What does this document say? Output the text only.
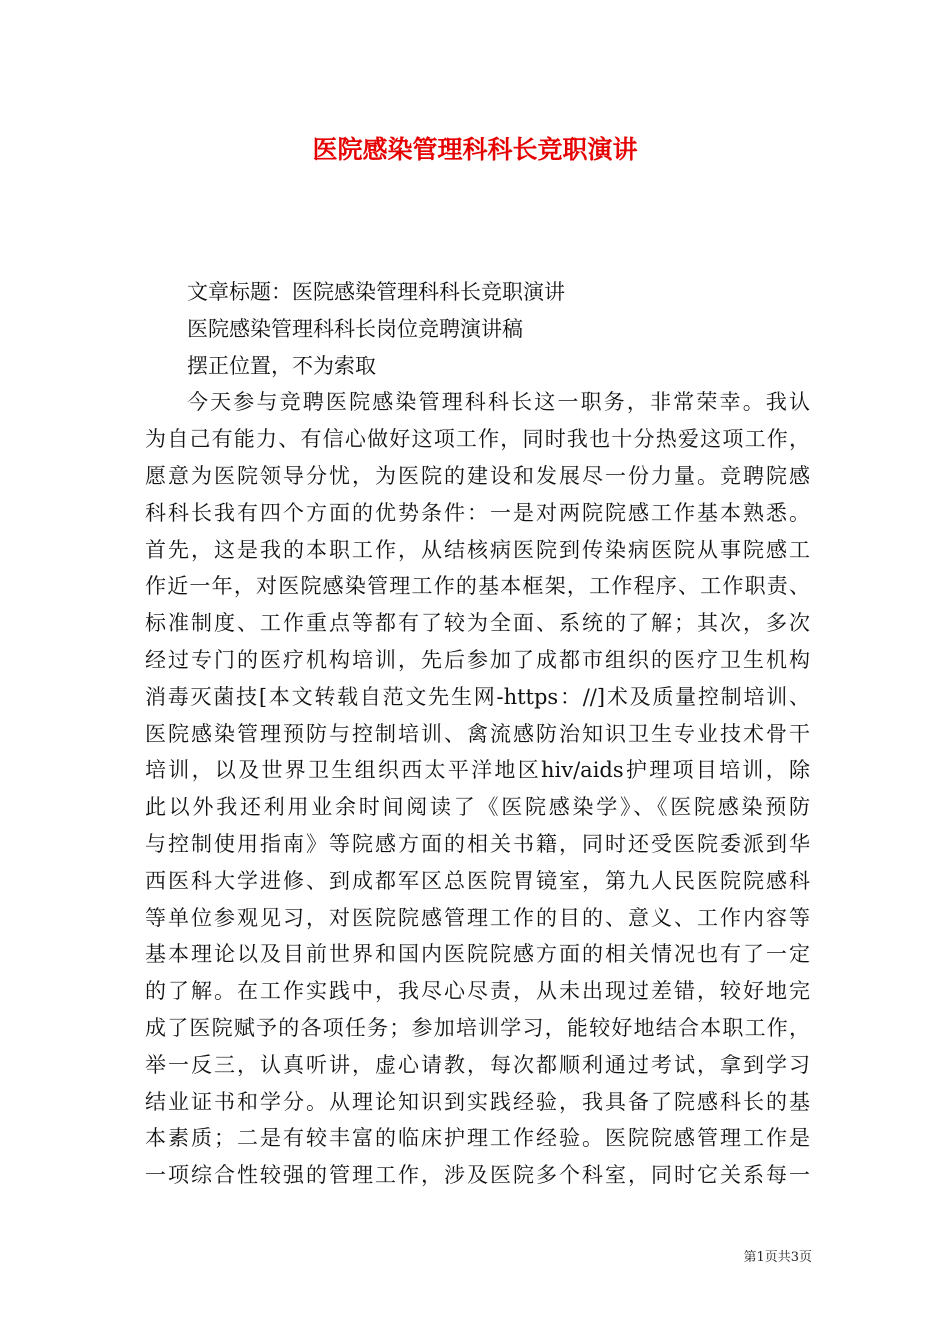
医院感染管理科科长竞职演讲

文章标题：医院感染管理科科长竞职演讲

医院感染管理科科长岗位竞聘演讲稿

摆正位置，不为索取

今天参与竞聘医院感染管理科科长这一职务，非常荣幸。我认
为自己有能力、有信心做好这项工作，同时我也十分热爱这项工作，
愿意为医院领导分忧，为医院的建设和发展尽一份力量。竞聘院感
科科长我有四个方面的优势条件：一是对两院院感工作基本熟悉。
首先，这是我的本职工作，从结核病医院到传染病医院从事院感工
作近一年，对医院感染管理工作的基本框架，工作程序、工作职责、
标准制度、工作重点等都有了较为全面、系统的了解；其次，多次
经过专门的医疗机构培训，先后参加了成都市组织的医疗卫生机构
消毒灭菌技[本文转载自范文先生网-https：//]术及质量控制培训、
医院感染管理预防与控制培训、禽流感防治知识卫生专业技术骨干
培训，以及世界卫生组织西太平洋地区hiv/aids护理项目培训，除
此以外我还利用业余时间阅读了《医院感染学》、《医院感染预防
与控制使用指南》等院感方面的相关书籍，同时还受医院委派到华
西医科大学进修、到成都军区总医院胃镜室，第九人民医院院感科
等单位参观见习，对医院院感管理工作的目的、意义、工作内容等
基本理论以及目前世界和国内医院院感方面的相关情况也有了一定
的了解。在工作实践中，我尽心尽责，从未出现过差错，较好地完
成了医院赋予的各项任务；参加培训学习，能较好地结合本职工作，
举一反三，认真听讲，虚心请教，每次都顺利通过考试，拿到学习
结业证书和学分。从理论知识到实践经验，我具备了院感科长的基
本素质；二是有较丰富的临床护理工作经验。医院院感管理工作是
一项综合性较强的管理工作，涉及医院多个科室，同时它关系每一
第1页共3页
